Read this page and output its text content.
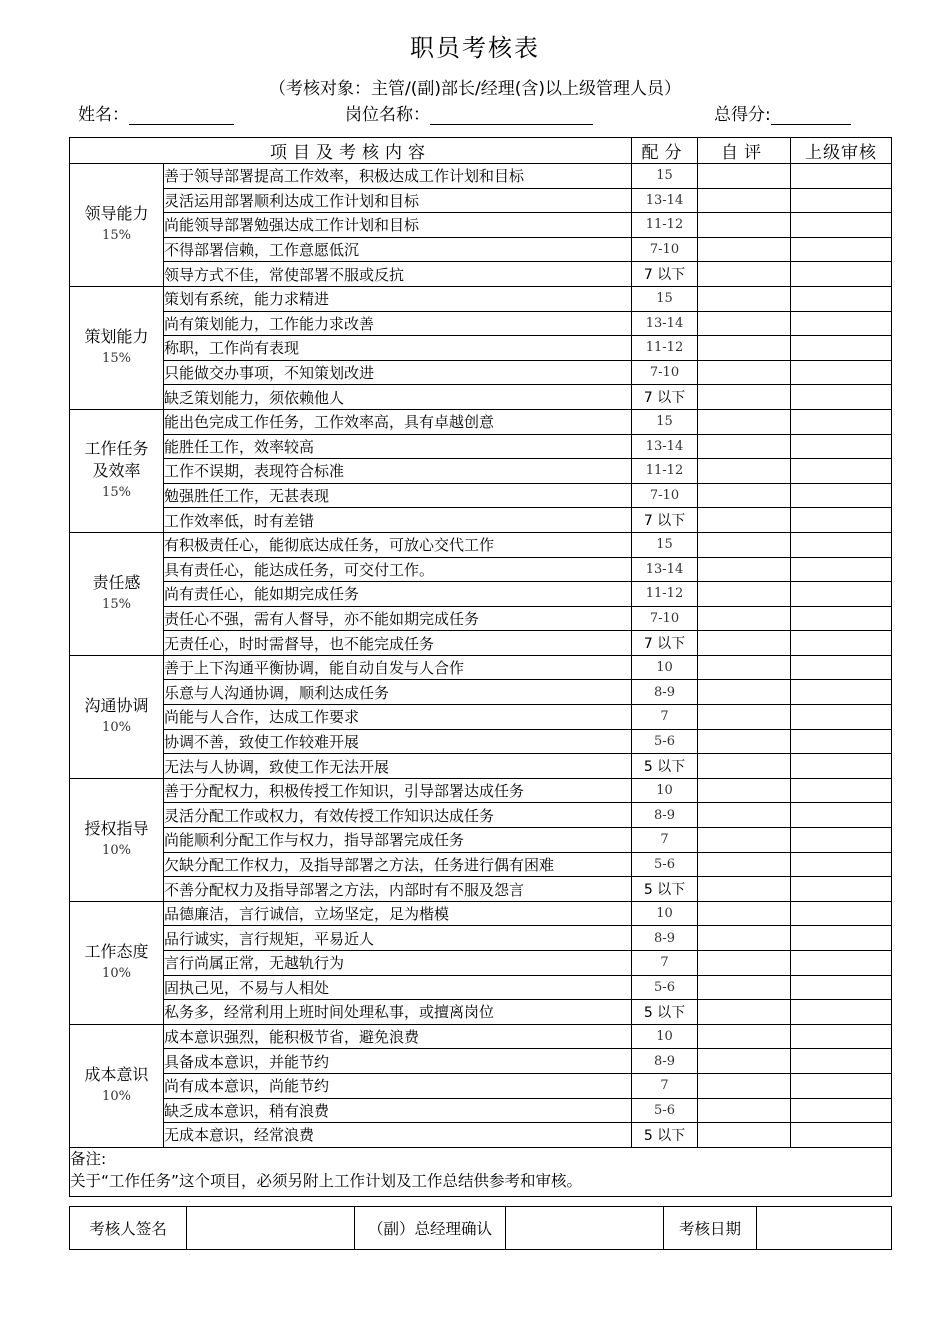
职员考核表
（考核对象：主管/(副)部长/经理(含)以上级管理人员）
姓名：	岗位名称：	总得分:
项目及考核内容		配分	自评	上级审核

领导能力
15%	善于领导部署提高工作效率，积极达成工作计划和目标	15		
	灵活运用部署顺利达成工作计划和目标	13-14		
	尚能领导部署勉强达成工作计划和目标	11-12		
	不得部署信赖，工作意愿低沉	7-10		
	领导方式不佳，常使部署不服或反抗	7 以下		

策划能力
15%	策划有系统，能力求精进	15		
	尚有策划能力，工作能力求改善	13-14		
	称职，工作尚有表现	11-12		
	只能做交办事项，不知策划改进	7-10		
	缺乏策划能力，须依赖他人	7 以下		

工作任务
及效率
15%	能出色完成工作任务，工作效率高，具有卓越创意	15		
	能胜任工作，效率较高	13-14		
	工作不误期，表现符合标准	11-12		
	勉强胜任工作，无甚表现	7-10		
	工作效率低，时有差错	7 以下		

责任感
15%	有积极责任心，能彻底达成任务，可放心交代工作	15		
	具有责任心，能达成任务，可交付工作。	13-14		
	尚有责任心，能如期完成任务	11-12		
	责任心不强，需有人督导，亦不能如期完成任务	7-10		
	无责任心，时时需督导，也不能完成任务	7 以下		

沟通协调
10%	善于上下沟通平衡协调，能自动自发与人合作	10		
	乐意与人沟通协调，顺利达成任务	8-9		
	尚能与人合作，达成工作要求	7		
	协调不善，致使工作较难开展	5-6		
	无法与人协调，致使工作无法开展	5 以下		

授权指导
10%	善于分配权力，积极传授工作知识，引导部署达成任务	10		
	灵活分配工作或权力，有效传授工作知识达成任务	8-9		
	尚能顺利分配工作与权力，指导部署完成任务	7		
	欠缺分配工作权力，及指导部署之方法，任务进行偶有困难	5-6		
	不善分配权力及指导部署之方法，内部时有不服及怨言	5 以下		

工作态度
10%	品德廉洁，言行诚信，立场坚定，足为楷模	10		
	品行诚实，言行规矩，平易近人	8-9		
	言行尚属正常，无越轨行为	7		
	固执己见，不易与人相处	5-6		
	私务多，经常利用上班时间处理私事，或擅离岗位	5 以下		

成本意识
10%	成本意识强烈，能积极节省，避免浪费	10		
	具备成本意识，并能节约	8-9		
	尚有成本意识，尚能节约	7		
	缺乏成本意识，稍有浪费	5-6		
	无成本意识，经常浪费	5 以下		

备注:
关于“工作任务”这个项目，必须另附上工作计划及工作总结供参考和审核。				
考核人签名		（副）总经理确认		考核日期	
